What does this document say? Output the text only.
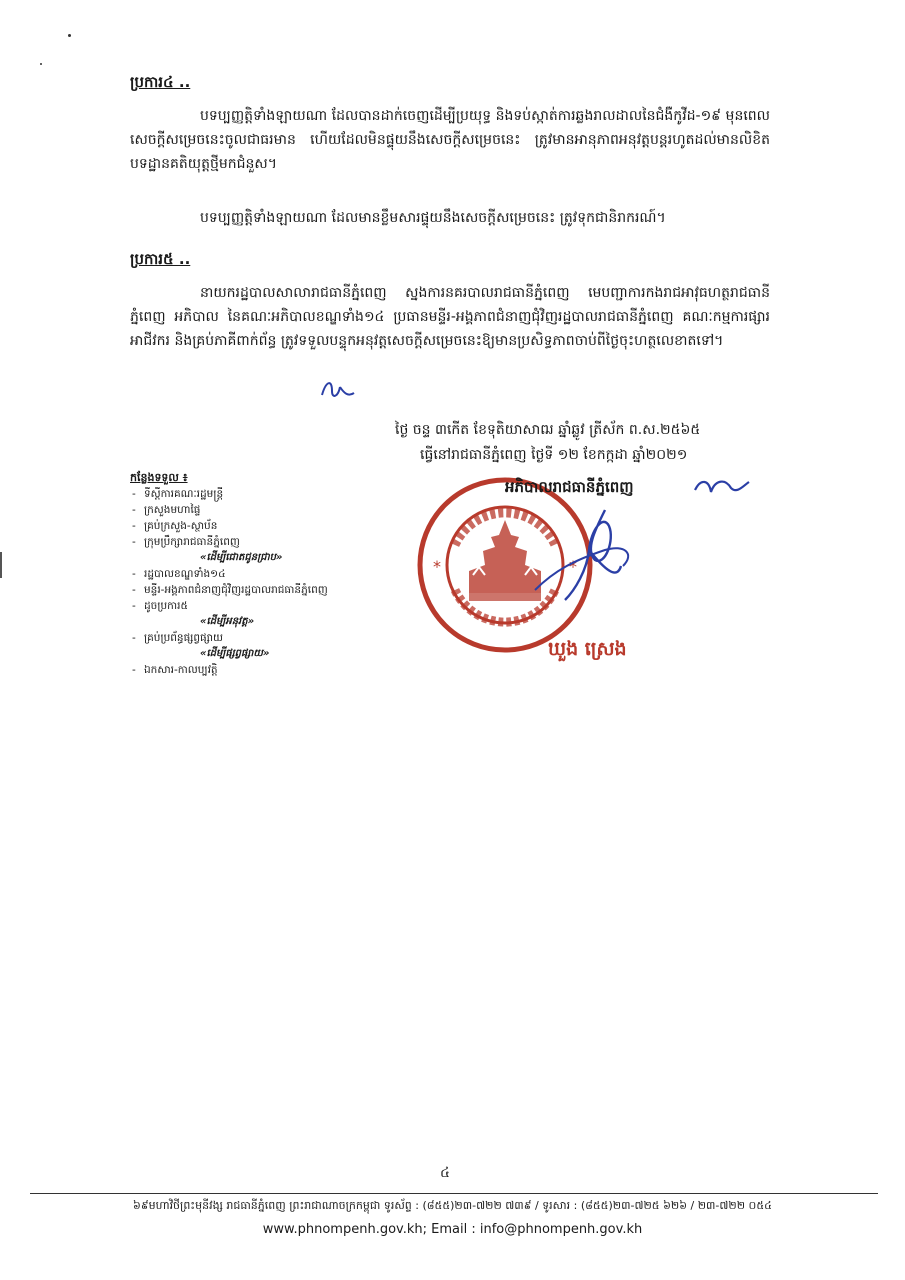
ប្រការ៤ ..
បទប្បញ្ញត្តិទាំងឡាយណា ដែលបានដាក់ចេញដើម្បីប្រយុទ្ធ និងទប់ស្កាត់ការឆ្លងរាលដាលនៃជំងឺកូវីដ-១៩ មុនពេលសេចក្តីសម្រេចនេះចូលជាធរមាន ហើយដែលមិនផ្ទុយនឹងសេចក្តីសម្រេចនេះ ត្រូវមានអានុភាពអនុវត្តបន្តរហូតដល់មានលិខិតបទដ្ឋានគតិយុត្តថ្មីមកជំនួស។
បទប្បញ្ញត្តិទាំងឡាយណា ដែលមានខ្លឹមសារផ្ទុយនឹងសេចក្តីសម្រេចនេះ ត្រូវទុកជានិរាករណ៍។
ប្រការ៥ ..
នាយករដ្ឋបាលសាលារាជធានីភ្នំពេញ ស្នងការនគរបាលរាជធានីភ្នំពេញ មេបញ្ជាការកងរាជអាវុធហត្ថរាជធានីភ្នំពេញ អភិបាល នៃគណៈអភិបាលខណ្ឌទាំង១៤ ប្រធានមន្ទីរ-អង្គភាពជំនាញជុំវិញរដ្ឋបាលរាជធានីភ្នំពេញ គណៈកម្មការផ្សារ អាជីវករ និងគ្រប់ភាគីពាក់ព័ន្ធ ត្រូវទទួលបន្ទុកអនុវត្តសេចក្តីសម្រេចនេះឱ្យមានប្រសិទ្ធភាពចាប់ពីថ្ងៃចុះហត្ថលេខាតទៅ។
ថ្ងៃ ចន្ទ ៣កើត ខែទុតិយាសាឍ ឆ្នាំឆ្លូវ ត្រីស័ក ព.ស.២៥៦៥
ធ្វើនៅរាជធានីភ្នំពេញ ថ្ងៃទី ១២ ខែកក្កដា ឆ្នាំ២០២១
កន្លែងទទួល ៖
- ទីស្តីការគណៈរដ្ឋមន្ត្រី
- ក្រសួងមហាផ្ទៃ
- គ្រប់ក្រសួង-ស្ថាប័ន
- ក្រុមប្រឹក្សារាជធានីភ្នំពេញ
«ដើម្បីជោតជូនជ្រាប»
- រដ្ឋបាលខណ្ឌទាំង១៤
- មន្ទីរ-អង្គភាពជំនាញជុំវិញរដ្ឋបាលរាជធានីភ្នំពេញ
- ដូចប្រការ៥
«ដើម្បីអនុវត្ត»
- គ្រប់ប្រព័ន្ធផ្សព្វផ្សាយ
«ដើម្បីផ្សព្វផ្សាយ»
- ឯកសារ-កាលប្បវត្តិ
*	*
អភិបាលរាជធានីភ្នំពេញ
ឃួង ស្រេង
៤
៦៩មហាវិថីព្រះមុនីវង្ស រាជធានីភ្នំពេញ ព្រះរាជាណាចក្រកម្ពុជា ទូរស័ព្ទ : (៨៥៥)២៣-៧២២ ៧៣៩ / ទូរសារ : (៨៥៥)២៣-៧២៥ ៦២៦ / ២៣-៧២២ ០៥៤
www.phnompenh.gov.kh; Email : info@phnompenh.gov.kh
